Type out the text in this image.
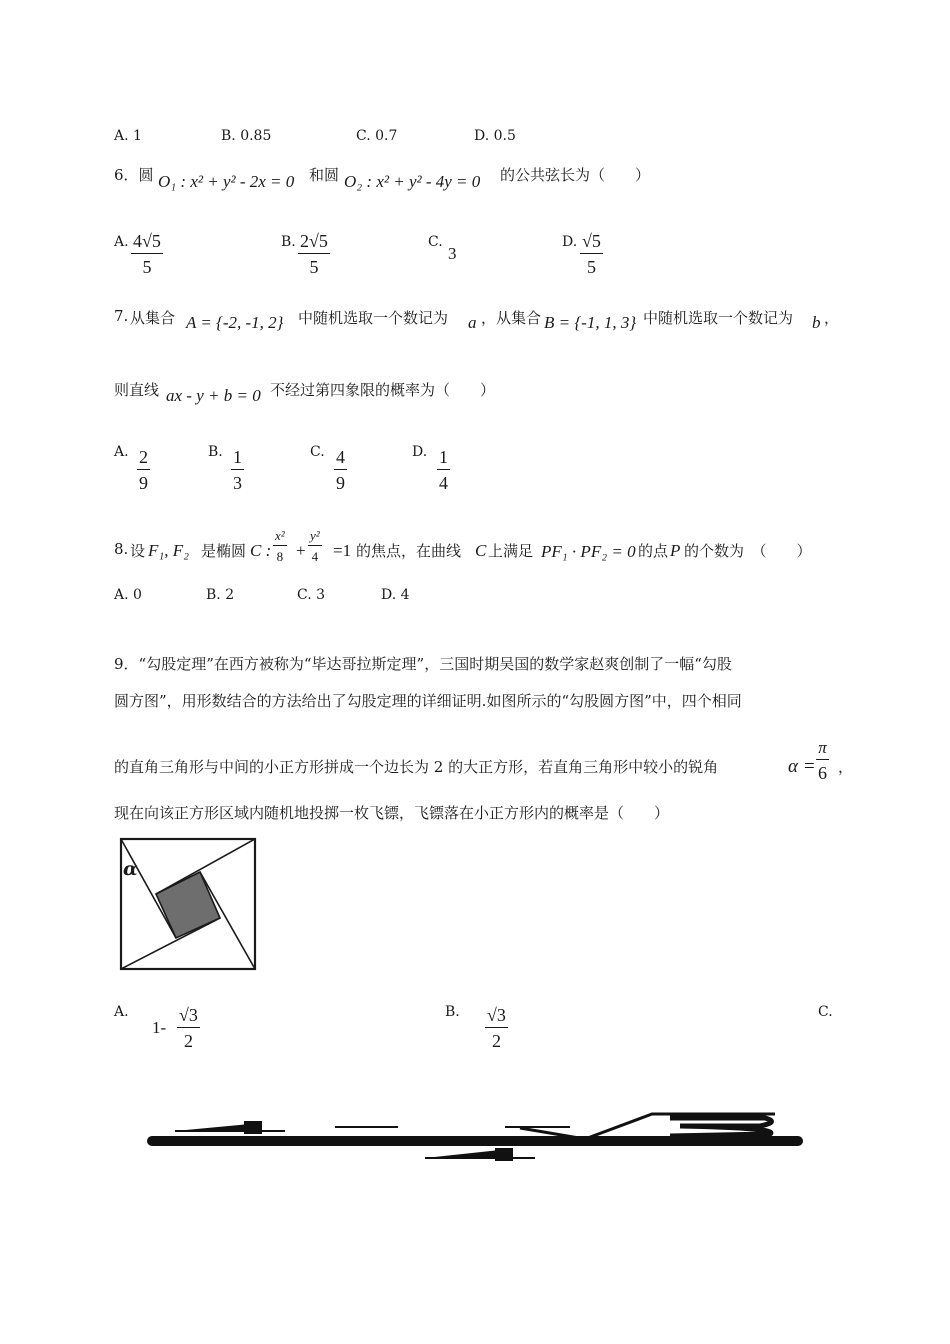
A. 1	B. 0.85	C. 0.7	D. 0.5
6．圆 O₁ : x² + y² - 2x = 0 和圆 O₂ : x² + y² - 4y = 0 的公共弦长为（　　）
A. $\frac{4√5}{5}$	B. $\frac{2√5}{5}$	C.
3
D. $\frac{√5}{5}$
7. 从集合 A = {-2, -1, 2} 中随机选取一个数记为 a ，从集合 B = {-1, 1, 3} 中随机选取一个数记为 b ，
则直线 ax - y + b = 0 不经过第四象限的概率为（　　）
A. $\frac{2}{9}$	B. $\frac{1}{3}$	C. $\frac{4}{9}$	D. $\frac{1}{4}$
8. 设 F₁, F₂ 是椭圆 C : $\frac{\text{x²}}{8} + \frac{\text{y²}}{4} =1$ 的焦点，在曲线 C 上满足 PF₁ · PF₂ = 0 的点 P 的个数为　（　　）
A. 0	B. 2	C. 3	D. 4
9．“勾股定理”在西方被称为“毕达哥拉斯定理”，三国时期吴国的数学家赵爽创制了一幅“勾股
圆方图”，用形数结合的方法给出了勾股定理的详细证明.如图所示的“勾股圆方图”中，四个相同
的直角三角形与中间的小正方形拼成一个边长为 2 的大正方形，若直角三角形中较小的锐角	$\alpha = \frac{\pi}{6}$ ，
现在向该正方形区域内随机地投掷一枚飞镖，飞镖落在小正方形内的概率是（　　）
α
A.
$1- \frac{√3}{2}$	B. $\frac{√3}{2}$	C.
